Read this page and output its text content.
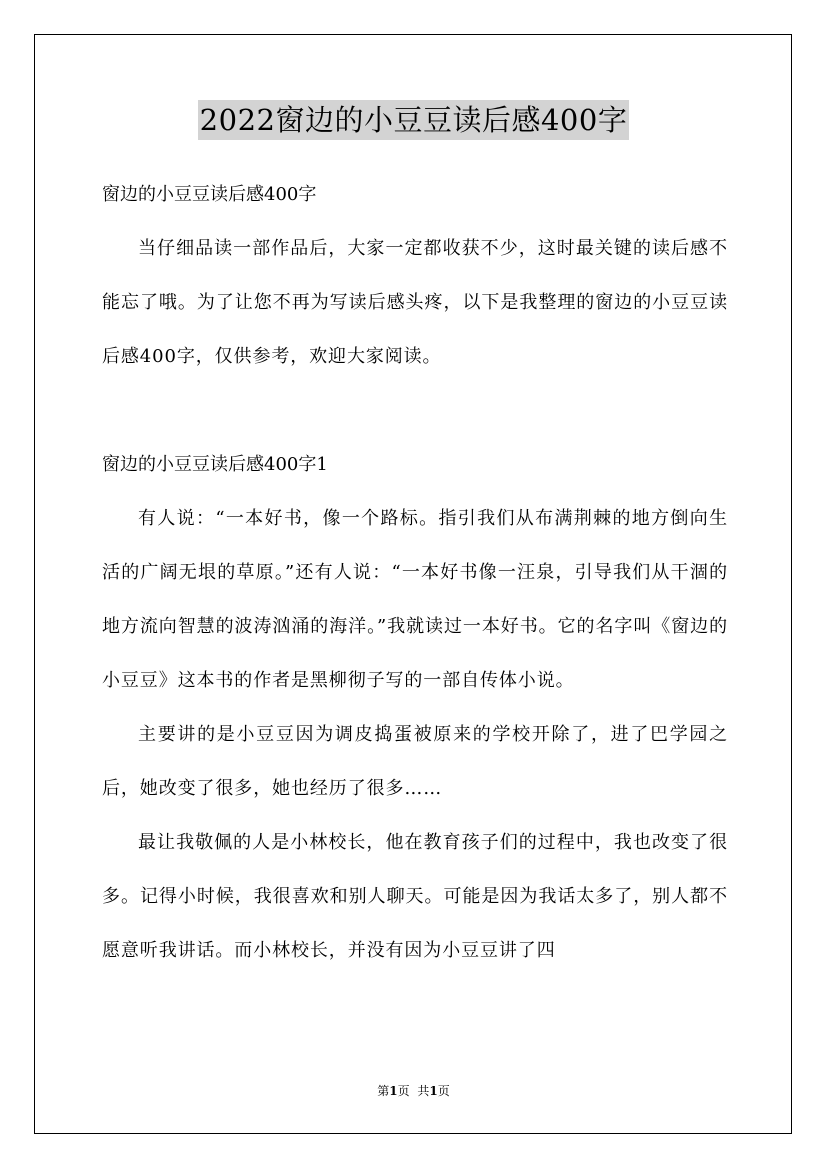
2022窗边的小豆豆读后感400字

窗边的小豆豆读后感400字

当仔细品读一部作品后，大家一定都收获不少，这时最关键的读后感不能忘了哦。为了让您不再为写读后感头疼，以下是我整理的窗边的小豆豆读后感400字，仅供参考，欢迎大家阅读。

窗边的小豆豆读后感400字1

有人说：“一本好书，像一个路标。指引我们从布满荆棘的地方倒向生活的广阔无垠的草原。”还有人说：“一本好书像一汪泉，引导我们从干涸的地方流向智慧的波涛汹涌的海洋。”我就读过一本好书。它的名字叫《窗边的小豆豆》这本书的作者是黑柳彻子写的一部自传体小说。

主要讲的是小豆豆因为调皮捣蛋被原来的学校开除了，进了巴学园之后，她改变了很多，她也经历了很多……

最让我敬佩的人是小林校长，他在教育孩子们的过程中，我也改变了很多。记得小时候，我很喜欢和别人聊天。可能是因为我话太多了，别人都不愿意听我讲话。而小林校长，并没有因为小豆豆讲了四

第1页 共1页
